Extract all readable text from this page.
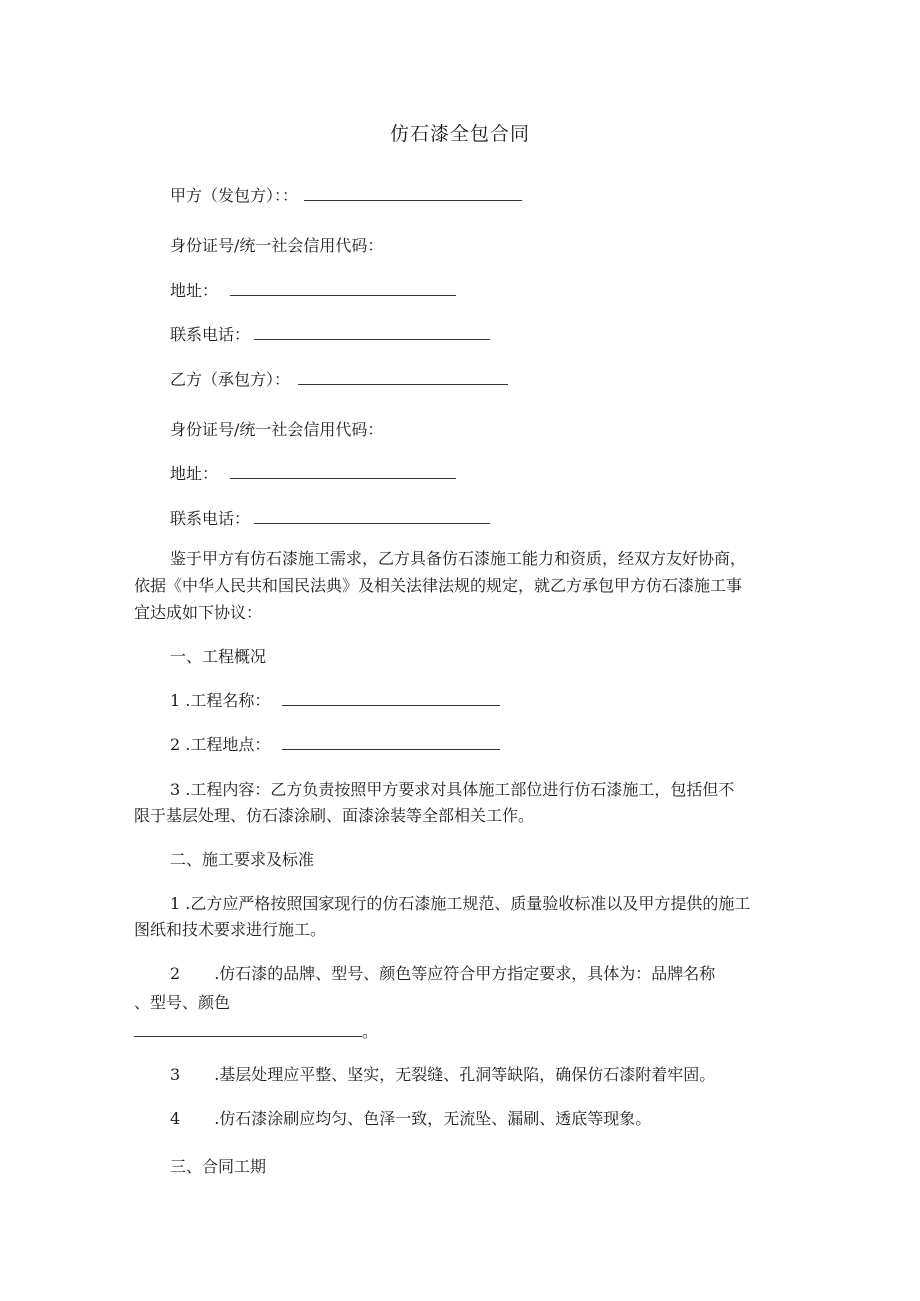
仿石漆全包合同
甲方（发包方）：：
身份证号/统一社会信用代码：
地址：
联系电话：
乙方（承包方）：
身份证号/统一社会信用代码：
地址：
联系电话：
鉴于甲方有仿石漆施工需求，乙方具备仿石漆施工能力和资质，经双方友好协商，
依据《中华人民共和国民法典》及相关法律法规的规定，就乙方承包甲方仿石漆施工事
宜达成如下协议：
一、工程概况
1 .工程名称：
2 .工程地点：
3 .工程内容：乙方负责按照甲方要求对具体施工部位进行仿石漆施工，包括但不
限于基层处理、仿石漆涂刷、面漆涂装等全部相关工作。
二、施工要求及标准
1 .乙方应严格按照国家现行的仿石漆施工规范、质量验收标准以及甲方提供的施工
图纸和技术要求进行施工。
2 .仿石漆的品牌、型号、颜色等应符合甲方指定要求，具体为：品牌名称
、型号、颜色
。
3 .基层处理应平整、坚实，无裂缝、孔洞等缺陷，确保仿石漆附着牢固。
4 .仿石漆涂刷应均匀、色泽一致，无流坠、漏刷、透底等现象。
三、合同工期
